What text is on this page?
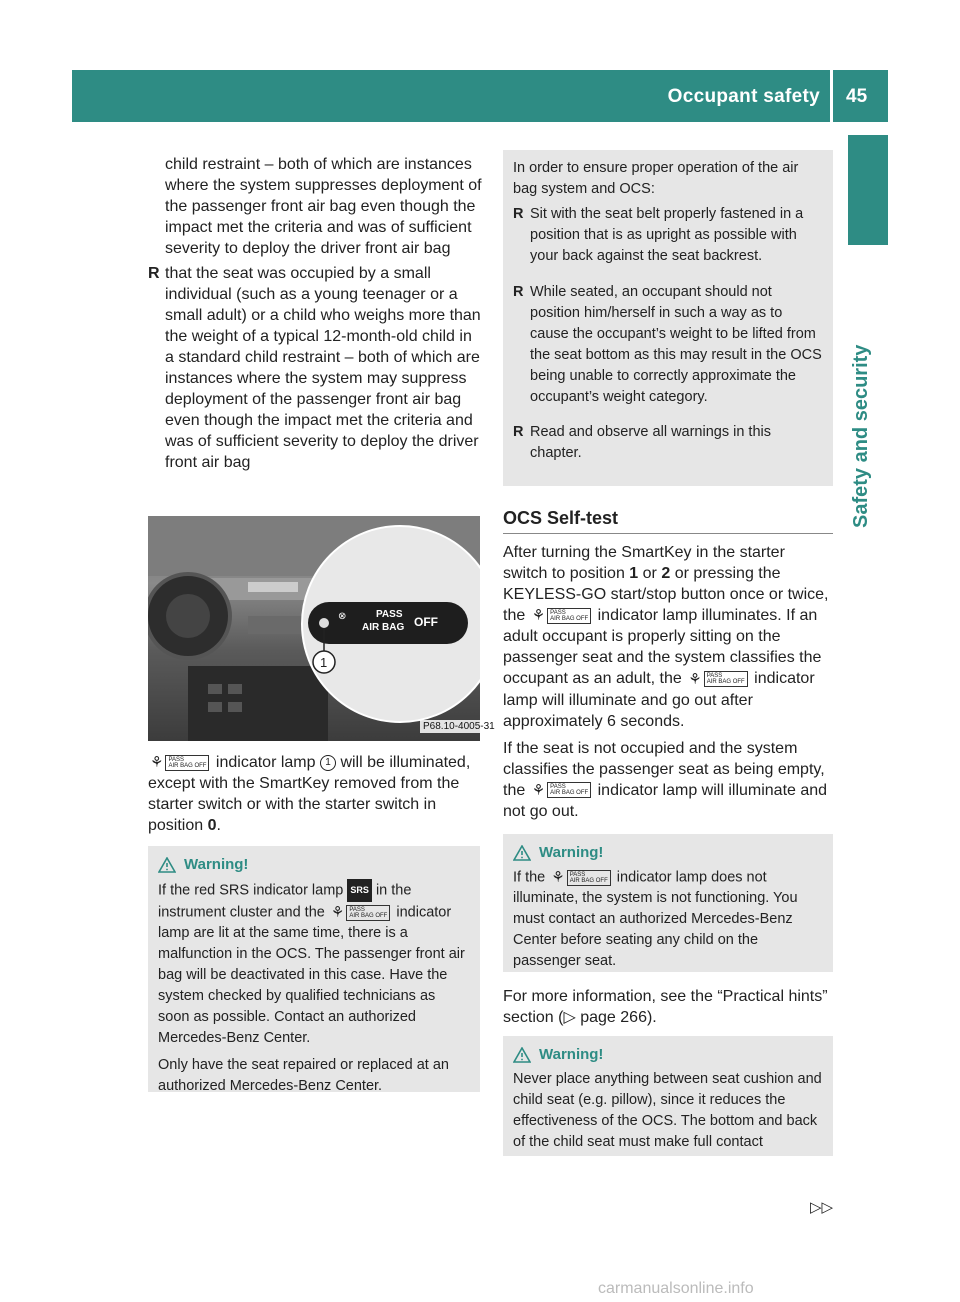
Occupant safety 45
Safety and security

child restraint – both of which are instances where the system suppresses deployment of the passenger front air bag even though the impact met the criteria and was of sufficient severity to deploy the driver front air bag

R that the seat was occupied by a small individual (such as a young teenager or a small adult) or a child who weighs more than the weight of a typical 12-month-old child in a standard child restraint – both of which are instances where the system may suppress deployment of the passenger front air bag even though the impact met the criteria and was of sufficient severity to deploy the driver front air bag

⊗	PASS
AIR BAG OFF
1
P68.10-4005-31
⚘ PASS
AIR BAG OFF indicator lamp 1 will be illuminated, except with the SmartKey removed from the starter switch or with the starter switch in position 0.
Warning!

If the red SRS indicator lamp SRS in the instrument cluster and the ⚘ PASS
AIR BAG OFF indicator lamp are lit at the same time, there is a malfunction in the OCS. The passenger front air bag will be deactivated in this case. Have the system checked by qualified technicians as soon as possible. Contact an authorized Mercedes-Benz Center.

Only have the seat repaired or replaced at an authorized Mercedes-Benz Center.

In order to ensure proper operation of the air bag system and OCS:

R Sit with the seat belt properly fastened in a position that is as upright as possible with your back against the seat backrest.

R While seated, an occupant should not position him/herself in such a way as to cause the occupant’s weight to be lifted from the seat bottom as this may result in the OCS being unable to correctly approximate the occupant’s weight category.

R Read and observe all warnings in this chapter.

OCS Self-test

After turning the SmartKey in the starter switch to position 1 or 2 or pressing the KEYLESS-GO start/stop button once or twice, the ⚘ PASS
AIR BAG OFF indicator lamp illuminates. If an adult occupant is properly sitting on the passenger seat and the system classifies the occupant as an adult, the ⚘ PASS
AIR BAG OFF indicator lamp will illuminate and go out after approximately 6 seconds.

If the seat is not occupied and the system classifies the passenger seat as being empty, the ⚘ PASS
AIR BAG OFF indicator lamp will illuminate and not go out.

Warning!

If the ⚘ PASS
AIR BAG OFF indicator lamp does not illuminate, the system is not functioning. You must contact an authorized Mercedes-Benz Center before seating any child on the passenger seat.

For more information, see the “Practical hints” section (▷ page 266).

Warning!

Never place anything between seat cushion and child seat (e.g. pillow), since it reduces the effectiveness of the OCS. The bottom and back of the child seat must make full contact

▷▷
carmanualsonline.info
